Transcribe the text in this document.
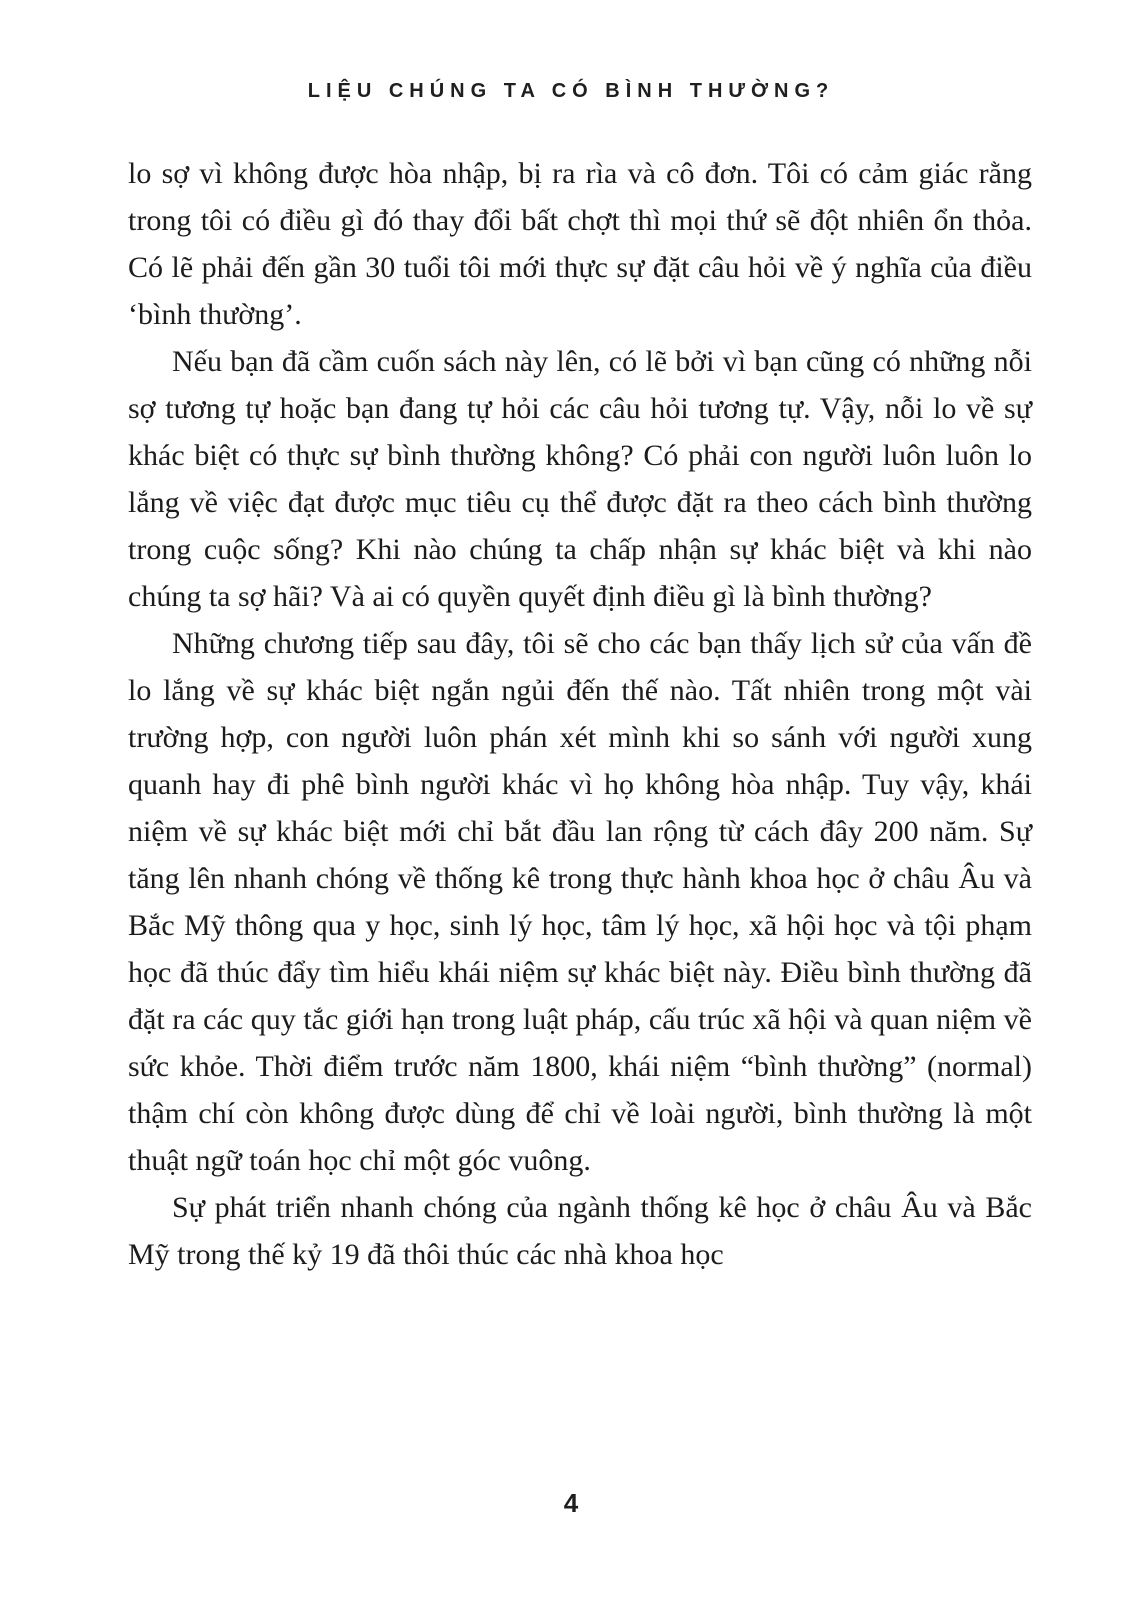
LIỆU CHÚNG TA CÓ BÌNH THƯỜNG?

lo sợ vì không được hòa nhập, bị ra rìa và cô đơn. Tôi có cảm giác rằng trong tôi có điều gì đó thay đổi bất chợt thì mọi thứ sẽ đột nhiên ổn thỏa. Có lẽ phải đến gần 30 tuổi tôi mới thực sự đặt câu hỏi về ý nghĩa của điều ‘bình thường’.

Nếu bạn đã cầm cuốn sách này lên, có lẽ bởi vì bạn cũng có những nỗi sợ tương tự hoặc bạn đang tự hỏi các câu hỏi tương tự. Vậy, nỗi lo về sự khác biệt có thực sự bình thường không? Có phải con người luôn luôn lo lắng về việc đạt được mục tiêu cụ thể được đặt ra theo cách bình thường trong cuộc sống? Khi nào chúng ta chấp nhận sự khác biệt và khi nào chúng ta sợ hãi? Và ai có quyền quyết định điều gì là bình thường?

Những chương tiếp sau đây, tôi sẽ cho các bạn thấy lịch sử của vấn đề lo lắng về sự khác biệt ngắn ngủi đến thế nào. Tất nhiên trong một vài trường hợp, con người luôn phán xét mình khi so sánh với người xung quanh hay đi phê bình người khác vì họ không hòa nhập. Tuy vậy, khái niệm về sự khác biệt mới chỉ bắt đầu lan rộng từ cách đây 200 năm. Sự tăng lên nhanh chóng về thống kê trong thực hành khoa học ở châu Âu và Bắc Mỹ thông qua y học, sinh lý học, tâm lý học, xã hội học và tội phạm học đã thúc đẩy tìm hiểu khái niệm sự khác biệt này. Điều bình thường đã đặt ra các quy tắc giới hạn trong luật pháp, cấu trúc xã hội và quan niệm về sức khỏe. Thời điểm trước năm 1800, khái niệm “bình thường” (normal) thậm chí còn không được dùng để chỉ về loài người, bình thường là một thuật ngữ toán học chỉ một góc vuông.

Sự phát triển nhanh chóng của ngành thống kê học ở châu Âu và Bắc Mỹ trong thế kỷ 19 đã thôi thúc các nhà khoa học

4
